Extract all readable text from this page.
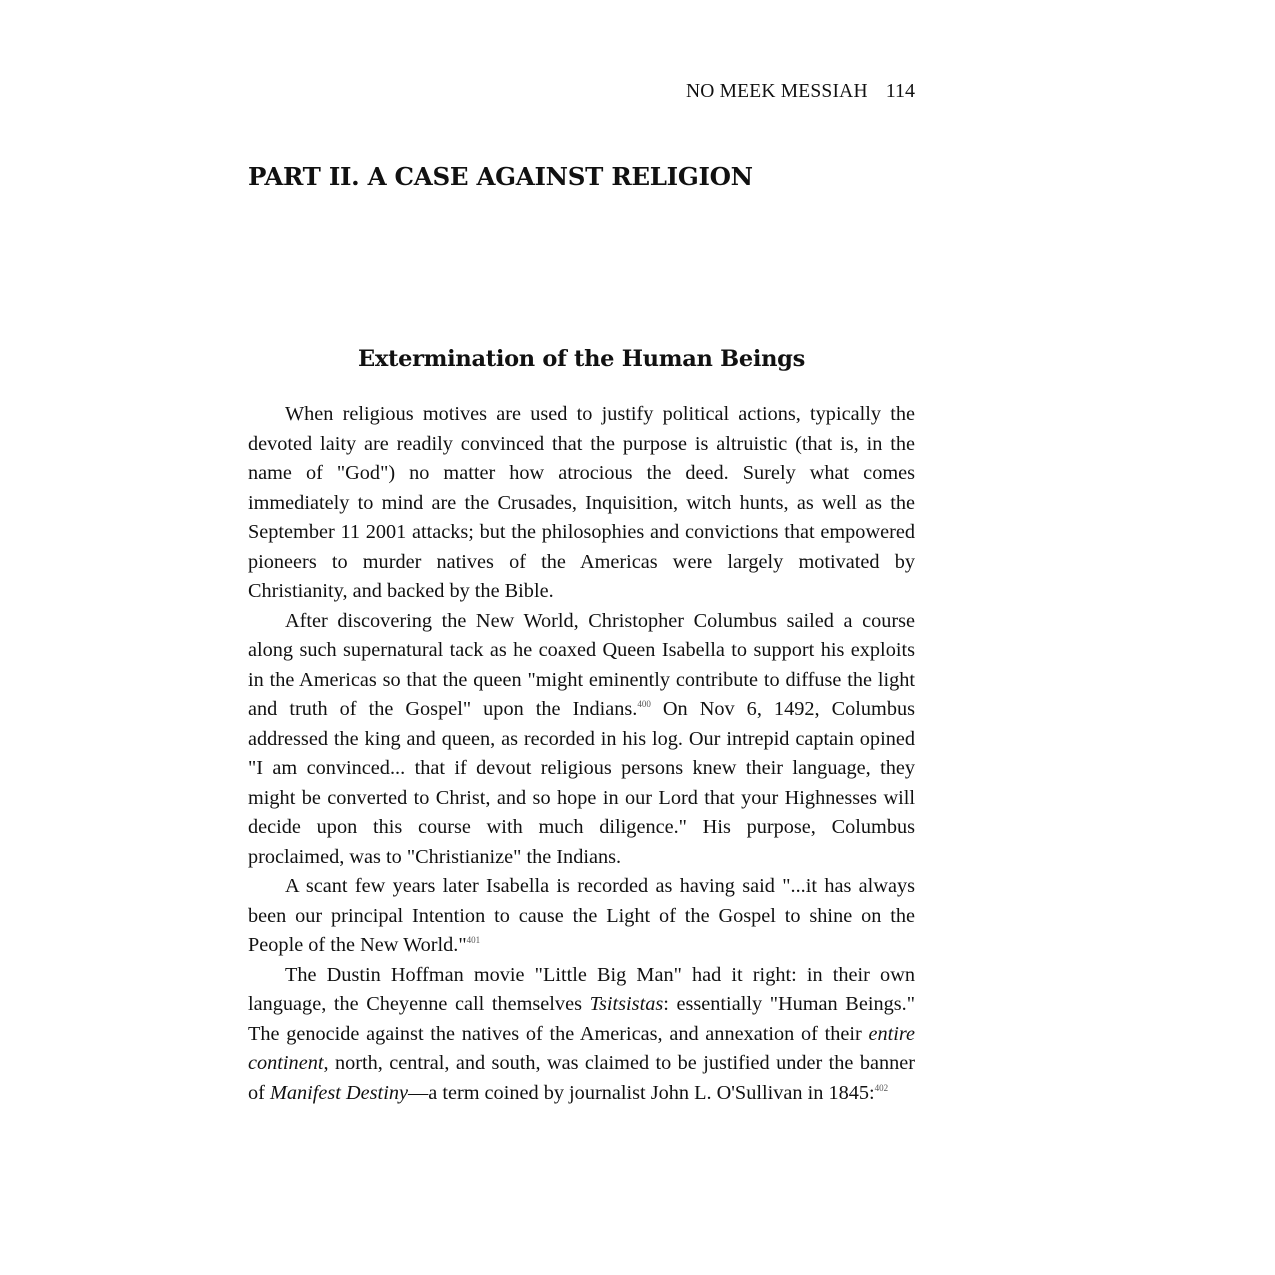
NO MEEK MESSIAH 114
PART II. A CASE AGAINST RELIGION
Extermination of the Human Beings

When religious motives are used to justify political actions, typically the devoted laity are readily convinced that the purpose is altruistic (that is, in the name of "God") no matter how atrocious the deed. Surely what comes immediately to mind are the Crusades, Inquisition, witch hunts, as well as the September 11 2001 attacks; but the philosophies and convictions that empowered pioneers to murder natives of the Americas were largely motivated by Christianity, and backed by the Bible.

After discovering the New World, Christopher Columbus sailed a course along such supernatural tack as he coaxed Queen Isabella to support his exploits in the Americas so that the queen "might eminently contribute to diffuse the light and truth of the Gospel" upon the Indians.$^{400}$ On Nov 6, 1492, Columbus addressed the king and queen, as recorded in his log. Our intrepid captain opined "I am convinced... that if devout religious persons knew their language, they might be converted to Christ, and so hope in our Lord that your Highnesses will decide upon this course with much diligence." His purpose, Columbus proclaimed, was to "Christianize" the Indians.

A scant few years later Isabella is recorded as having said "...it has always been our principal Intention to cause the Light of the Gospel to shine on the People of the New World."$^{401}$

The Dustin Hoffman movie "Little Big Man" had it right: in their own language, the Cheyenne call themselves Tsitsistas: essentially "Human Beings." The genocide against the natives of the Americas, and annexation of their entire continent, north, central, and south, was claimed to be justified under the banner of Manifest Destiny—a term coined by journalist John L. O'Sullivan in 1845:$^{402}$
